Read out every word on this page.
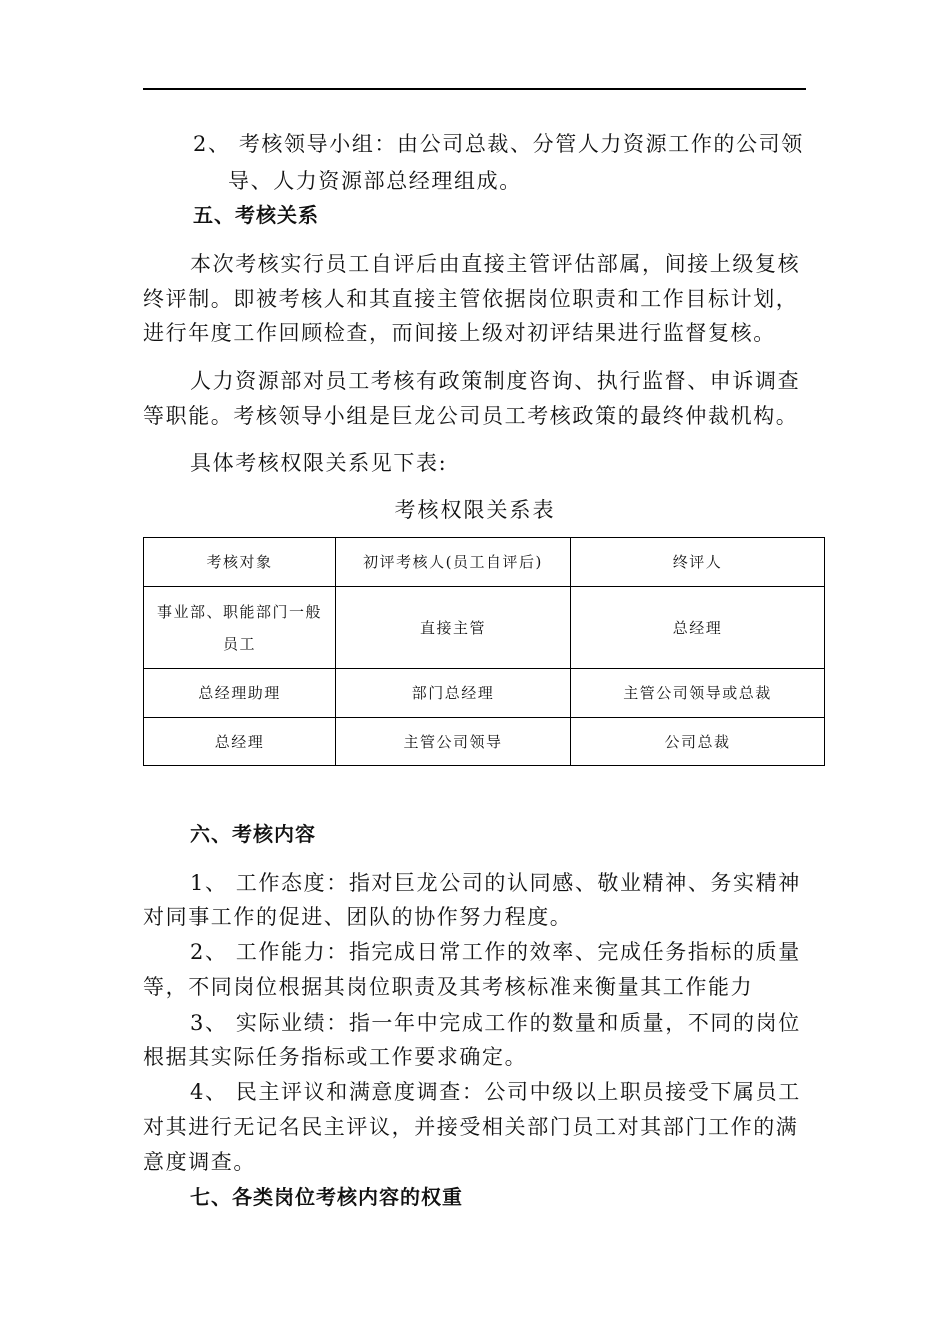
2、 考核领导小组：由公司总裁、分管人力资源工作的公司领
导、人力资源部总经理组成。
五、考核关系
本次考核实行员工自评后由直接主管评估部属，间接上级复核
终评制。即被考核人和其直接主管依据岗位职责和工作目标计划，
进行年度工作回顾检查，而间接上级对初评结果进行监督复核。
人力资源部对员工考核有政策制度咨询、执行监督、申诉调查
等职能。考核领导小组是巨龙公司员工考核政策的最终仲裁机构。
具体考核权限关系见下表:
考核权限关系表
考核对象	初评考核人(员工自评后)	终评人

事业部、职能部门一般
员工	直接主管	总经理
总经理助理	部门总经理	主管公司领导或总裁
总经理	主管公司领导	公司总裁
六、考核内容
1、 工作态度：指对巨龙公司的认同感、敬业精神、务实精神
对同事工作的促进、团队的协作努力程度。
2、 工作能力：指完成日常工作的效率、完成任务指标的质量
等，不同岗位根据其岗位职责及其考核标准来衡量其工作能力
3、 实际业绩：指一年中完成工作的数量和质量，不同的岗位
根据其实际任务指标或工作要求确定。
4、 民主评议和满意度调查：公司中级以上职员接受下属员工
对其进行无记名民主评议，并接受相关部门员工对其部门工作的满
意度调查。
七、各类岗位考核内容的权重
